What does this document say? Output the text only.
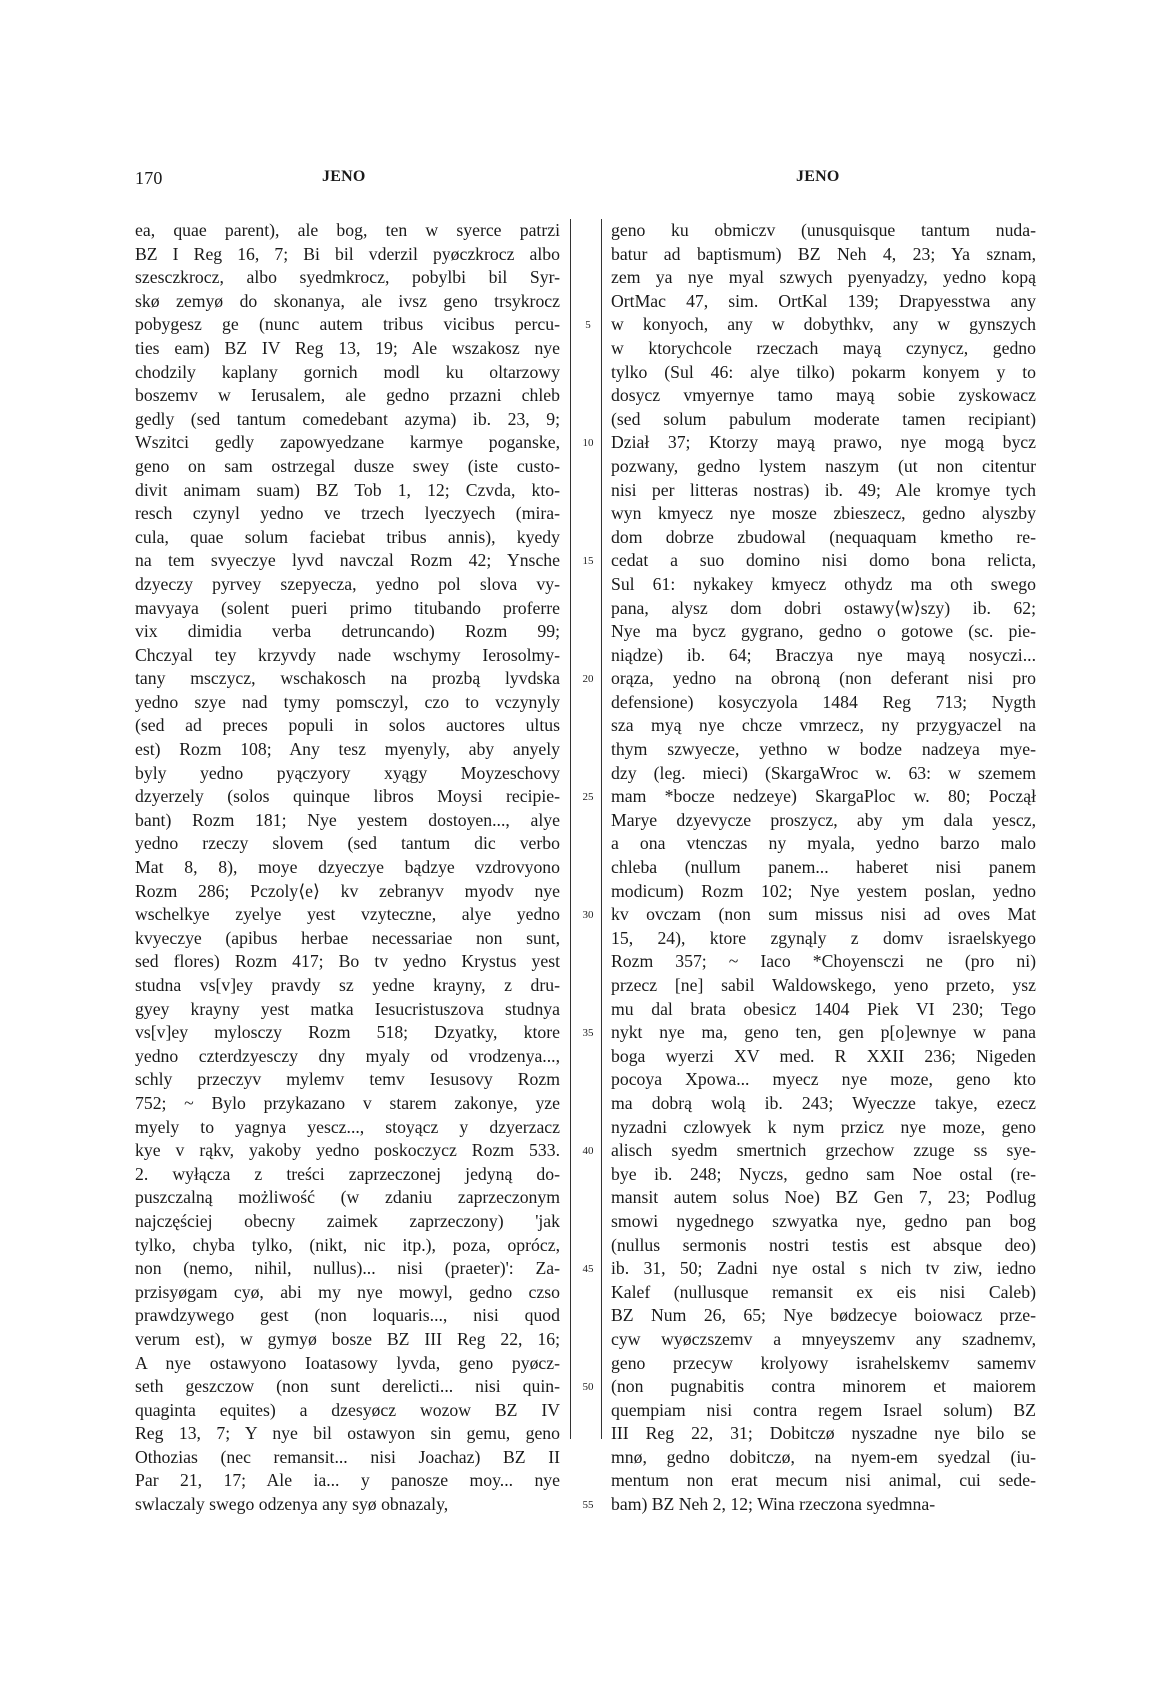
170	JENO	JENO
ea, quae parent), ale bog, ten w syerce patrzi
BZ I Reg 16, 7; Bi bil vderzil pyøczkrocz albo
szesczkrocz, albo syedmkrocz, pobylbi bil Syr-
skø zemyø do skonanya, ale ivsz geno trsykrocz
pobygesz ge (nunc autem tribus vicibus percu-
ties eam) BZ IV Reg 13, 19; Ale wszakosz nye
chodzily kaplany gornich modl ku oltarzowy
boszemv w Ierusalem, ale gedno przazni chleb
gedly (sed tantum comedebant azyma) ib. 23, 9;
Wszitci gedly zapowyedzane karmye poganske,
geno on sam ostrzegal dusze swey (iste custo-
divit animam suam) BZ Tob 1, 12; Czvda, kto-
resch czynyl yedno ve trzech lyeczyech (mira-
cula, quae solum faciebat tribus annis), kyedy
na tem svyeczye lyvd navczal Rozm 42; Ynsche
dzyeczy pyrvey szepyecza, yedno pol slova vy-
mavyaya (solent pueri primo titubando proferre
vix dimidia verba detruncando) Rozm 99;
Chczyal tey krzyvdy nade wschymy Ierosolmy-
tany msczycz, wschakosch na prozbą lyvdska
yedno szye nad tymy pomsczyl, czo to vczynyly
(sed ad preces populi in solos auctores ultus
est) Rozm 108; Any tesz myenyly, aby anyely
byly yedno pyączyory xyągy Moyzeschovy
dzyerzely (solos quinque libros Moysi recipie-
bant) Rozm 181; Nye yestem dostoyen..., alye
yedno rzeczy slovem (sed tantum dic verbo
Mat 8, 8), moye dzyeczye bądzye vzdrovyono
Rozm 286; Pczoly⟨e⟩ kv zebranyv myodv nye
wschelkye zyelye yest vzyteczne, alye yedno
kvyeczye (apibus herbae necessariae non sunt,
sed flores) Rozm 417; Bo tv yedno Krystus yest
studna vs[v]ey pravdy sz yedne krayny, z dru-
gyey krayny yest matka Iesucristuszova studnya
vs[v]ey mylosczy Rozm 518; Dzyatky, ktore
yedno czterdzyesczy dny myaly od vrodzenya...,
schly przeczyv mylemv temv Iesusovy Rozm
752; ~ Bylo przykazano v starem zakonye, yze
myely to yagnya yescz..., stoyącz y dzyerzacz
kye v rąkv, yakoby yedno poskoczycz Rozm 533.
2. wyłącza z treści zaprzeczonej jedyną do-
puszczalną możliwość (w zdaniu zaprzeczonym
najczęściej obecny zaimek zaprzeczony) 'jak
tylko, chyba tylko, (nikt, nic itp.), poza, oprócz,
non (nemo, nihil, nullus)... nisi (praeter)': Za-
przisyøgam cyø, abi my nye mowyl, gedno czso
prawdzywego gest (non loquaris..., nisi quod
verum est), w gymyø bosze BZ III Reg 22, 16;
A nye ostawyono Ioatasowy lyvda, geno pyøcz-
seth geszczow (non sunt derelicti... nisi quin-
quaginta equites) a dzesyøcz wozow BZ IV
Reg 13, 7; Y nye bil ostawyon sin gemu, geno
Othozias (nec remansit... nisi Joachaz) BZ II
Par 21, 17; Ale ia... y panosze moy... nye
swlaczaly swego odzenya any syø obnazaly,
5
10
15
20
25
30
35
40
45
50
55
geno ku obmiczv (unusquisque tantum nuda-
batur ad baptismum) BZ Neh 4, 23; Ya sznam,
zem ya nye myal szwych pyenyadzy, yedno kopą
OrtMac 47, sim. OrtKal 139; Drapyesstwa any
w konyoch, any w dobythkv, any w gynszych
w ktorychcole rzeczach mayą czynycz, gedno
tylko (Sul 46: alye tilko) pokarm konyem y to
dosycz vmyernye tamo mayą sobie zyskowacz
(sed solum pabulum moderate tamen recipiant)
Dział 37; Ktorzy mayą prawo, nye mogą bycz
pozwany, gedno lystem naszym (ut non citentur
nisi per litteras nostras) ib. 49; Ale kromye tych
wyn kmyecz nye mosze zbieszecz, gedno alyszby
dom dobrze zbudowal (nequaquam kmetho re-
cedat a suo domino nisi domo bona relicta,
Sul 61: nykakey kmyecz othydz ma oth swego
pana, alysz dom dobri ostawy⟨w⟩szy) ib. 62;
Nye ma bycz gygrano, gedno o gotowe (sc. pie-
niądze) ib. 64; Braczya nye mayą nosyczi...
orąza, yedno na obroną (non deferant nisi pro
defensione) kosyczyola 1484 Reg 713; Nygth
sza myą nye chcze vmrzecz, ny przygyaczel na
thym szwyecze, yethno w bodze nadzeya mye-
dzy (leg. mieci) (SkargaWroc w. 63: w szemem
mam *bocze nedzeye) SkargaPloc w. 80; Począł
Marye dzyevycze proszycz, aby ym dala yescz,
a ona vtenczas ny myala, yedno barzo malo
chleba (nullum panem... haberet nisi panem
modicum) Rozm 102; Nye yestem poslan, yedno
kv ovczam (non sum missus nisi ad oves Mat
15, 24), ktore zgynąly z domv israelskyego
Rozm 357; ~ Iaco *Choyensczi ne (pro ni)
przecz [ne] sabil Waldowskego, yeno przeto, ysz
mu dal brata obesicz 1404 Piek VI 230; Tego
nykt nye ma, geno ten, gen p[o]ewnye w pana
boga wyerzi XV med. R XXII 236; Nigeden
pocoya Xpowa... myecz nye moze, geno kto
ma dobrą wolą ib. 243; Wyeczze takye, ezecz
nyzadni czlowyek k nym przicz nye moze, geno
alisch syedm smertnich grzechow zzuge ss sye-
bye ib. 248; Nyczs, gedno sam Noe ostal (re-
mansit autem solus Noe) BZ Gen 7, 23; Podlug
smowi nygednego szwyatka nye, gedno pan bog
(nullus sermonis nostri testis est absque deo)
ib. 31, 50; Zadni nye ostal s nich tv ziw, iedno
Kalef (nullusque remansit ex eis nisi Caleb)
BZ Num 26, 65; Nye bødzecye boiowacz prze-
cyw wyøczszemv a mnyeyszemv any szadnemv,
geno przecyw krolyowy israhelskemv samemv
(non pugnabitis contra minorem et maiorem
quempiam nisi contra regem Israel solum) BZ
III Reg 22, 31; Dobitczø nyszadne nye bilo se
mnø, gedno dobitczø, na nyem-em syedzal (iu-
mentum non erat mecum nisi animal, cui sede-
bam) BZ Neh 2, 12; Wina rzeczona syedmna-
